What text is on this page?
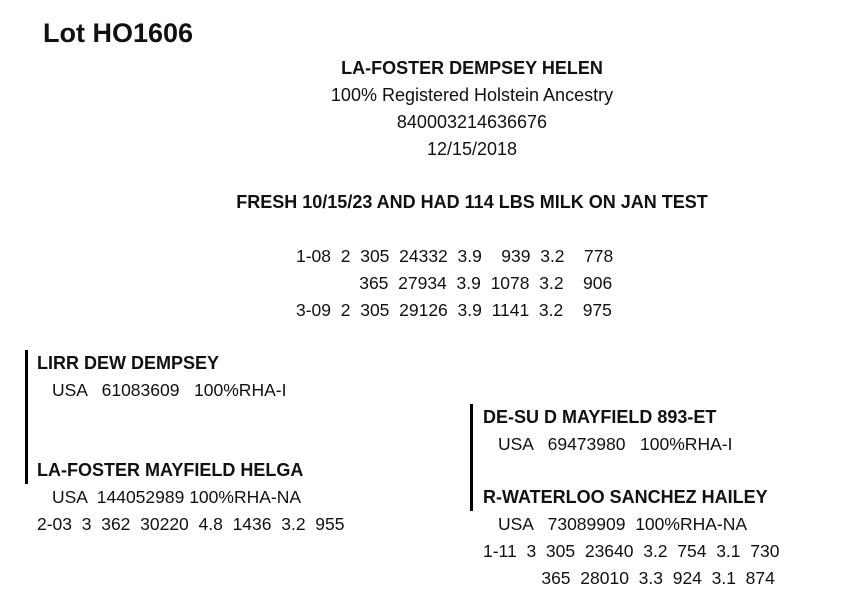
Lot HO1606
LA-FOSTER DEMPSEY HELEN
100% Registered Holstein Ancestry
840003214636676
12/15/2018
FRESH 10/15/23 AND HAD 114 LBS MILK ON JAN TEST
1-08  2  305  24332  3.9    939  3.2    778
365  27934  3.9  1078  3.2    906
3-09  2  305  29126  3.9  1141  3.2    975
LIRR DEW DEMPSEY
USA   61083609   100%RHA-I
LA-FOSTER MAYFIELD HELGA
USA  144052989 100%RHA-NA
2-03  3  362  30220  4.8  1436  3.2  955
DE-SU D MAYFIELD 893-ET
USA   69473980   100%RHA-I
R-WATERLOO SANCHEZ HAILEY
USA   73089909  100%RHA-NA
1-11  3  305  23640  3.2  754  3.1  730
365  28010  3.3  924  3.1  874
